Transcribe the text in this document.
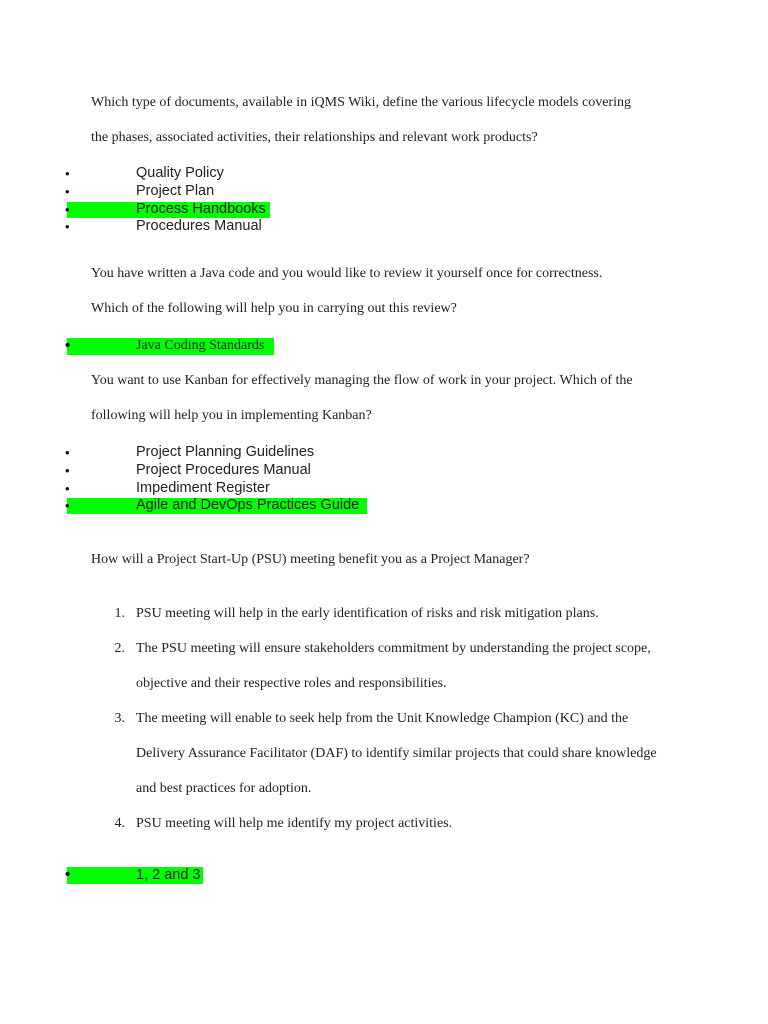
Which type of documents, available in iQMS Wiki, define the various lifecycle models covering
the phases, associated activities, their relationships and relevant work products?

•	Quality Policy
•	Project Plan
•	Process Handbooks
•	Procedures Manual

You have written a Java code and you would like to review it yourself once for correctness.
Which of the following will help you in carrying out this review?

•	Java Coding Standards

You want to use Kanban for effectively managing the flow of work in your project. Which of the
following will help you in implementing Kanban?

•	Project Planning Guidelines
•	Project Procedures Manual
•	Impediment Register
•	Agile and DevOps Practices Guide

How will a Project Start-Up (PSU) meeting benefit you as a Project Manager?

1. PSU meeting will help in the early identification of risks and risk mitigation plans.
2. The PSU meeting will ensure stakeholders commitment by understanding the project scope,
objective and their respective roles and responsibilities.
3. The meeting will enable to seek help from the Unit Knowledge Champion (KC) and the
Delivery Assurance Facilitator (DAF) to identify similar projects that could share knowledge
and best practices for adoption.
4. PSU meeting will help me identify my project activities.
•	1, 2 and 3
